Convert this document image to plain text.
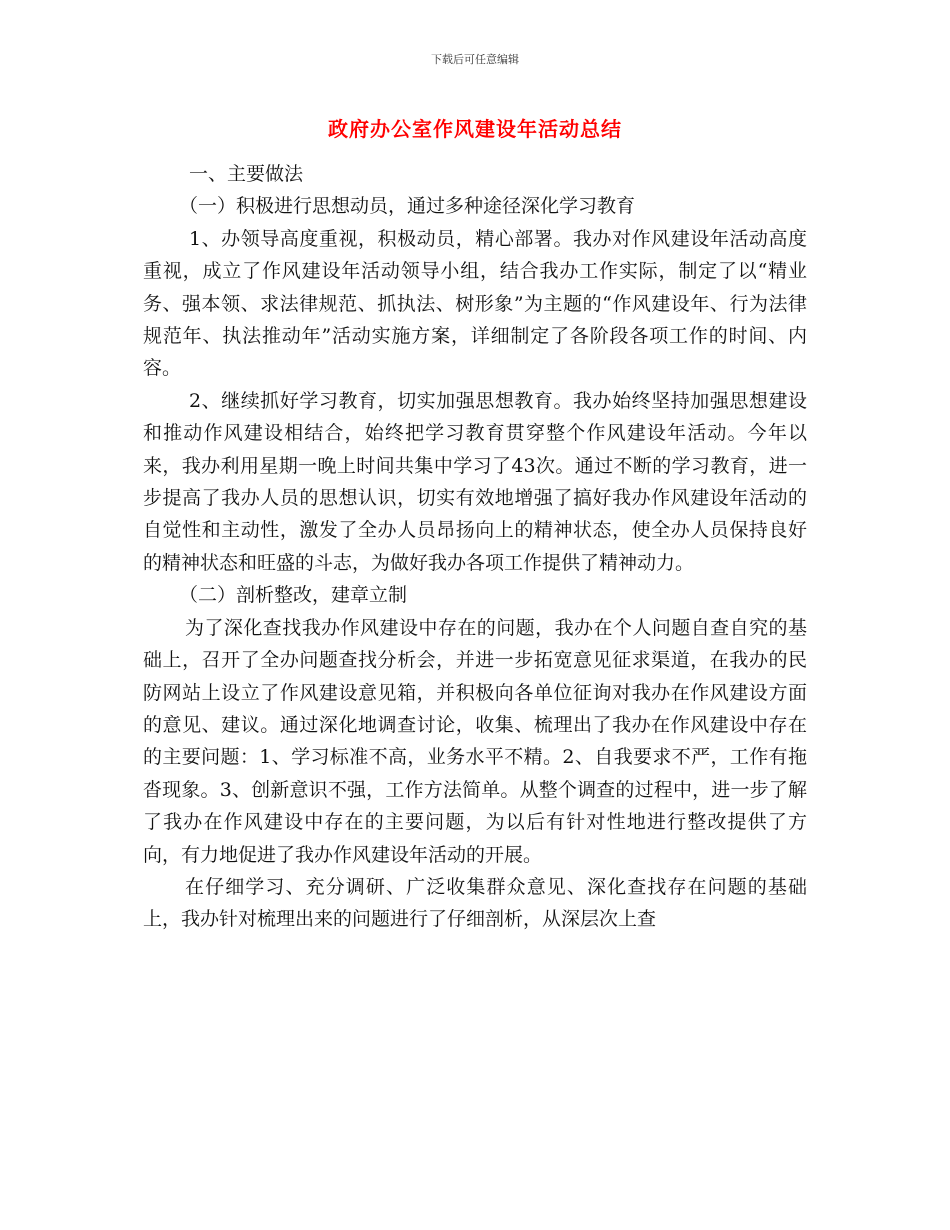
下载后可任意编辑
政府办公室作风建设年活动总结

一、主要做法

（一）积极进行思想动员，通过多种途径深化学习教育

1、办领导高度重视，积极动员，精心部署。我办对作风建设年活动高度重视，成立了作风建设年活动领导小组，结合我办工作实际，制定了以“精业务、强本领、求法律规范、抓执法、树形象”为主题的“作风建设年、行为法律规范年、执法推动年”活动实施方案，详细制定了各阶段各项工作的时间、内容。

2、继续抓好学习教育，切实加强思想教育。我办始终坚持加强思想建设和推动作风建设相结合，始终把学习教育贯穿整个作风建设年活动。今年以来，我办利用星期一晚上时间共集中学习了43次。通过不断的学习教育，进一步提高了我办人员的思想认识，切实有效地增强了搞好我办作风建设年活动的自觉性和主动性，激发了全办人员昂扬向上的精神状态，使全办人员保持良好的精神状态和旺盛的斗志，为做好我办各项工作提供了精神动力。

（二）剖析整改，建章立制

为了深化查找我办作风建设中存在的问题，我办在个人问题自查自究的基础上，召开了全办问题查找分析会，并进一步拓宽意见征求渠道，在我办的民防网站上设立了作风建设意见箱，并积极向各单位征询对我办在作风建设方面的意见、建议。通过深化地调查讨论，收集、梳理出了我办在作风建设中存在的主要问题：1、学习标准不高，业务水平不精。2、自我要求不严，工作有拖沓现象。3、创新意识不强，工作方法简单。从整个调查的过程中，进一步了解了我办在作风建设中存在的主要问题，为以后有针对性地进行整改提供了方向，有力地促进了我办作风建设年活动的开展。

在仔细学习、充分调研、广泛收集群众意见、深化查找存在问题的基础上，我办针对梳理出来的问题进行了仔细剖析，从深层次上查
